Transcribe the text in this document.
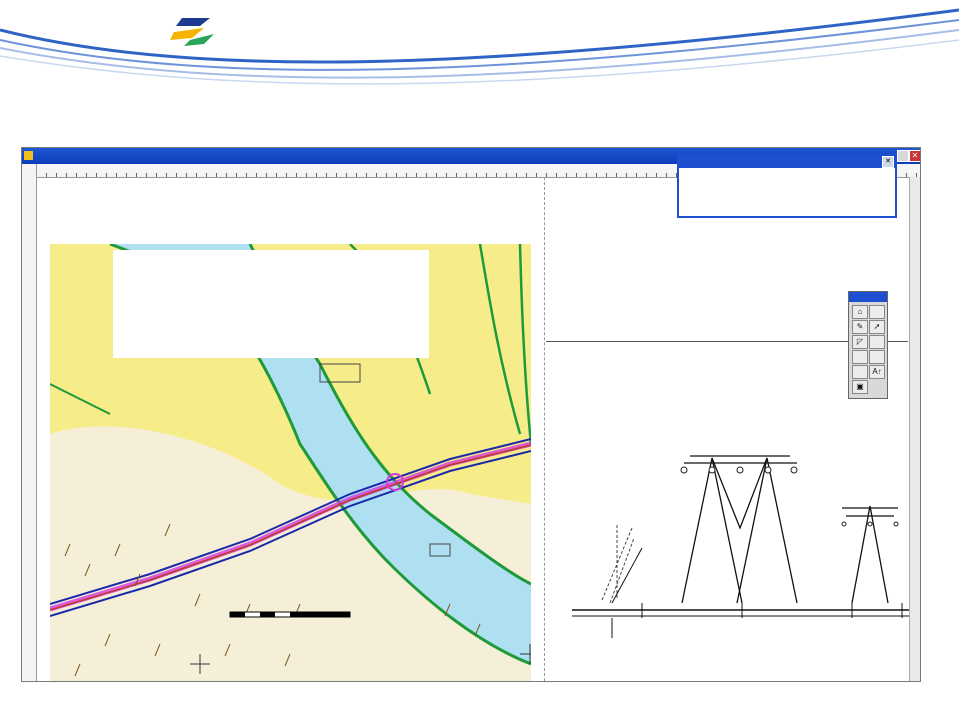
✕
✕
⌂
✎	➚
◸
A↑
▣
